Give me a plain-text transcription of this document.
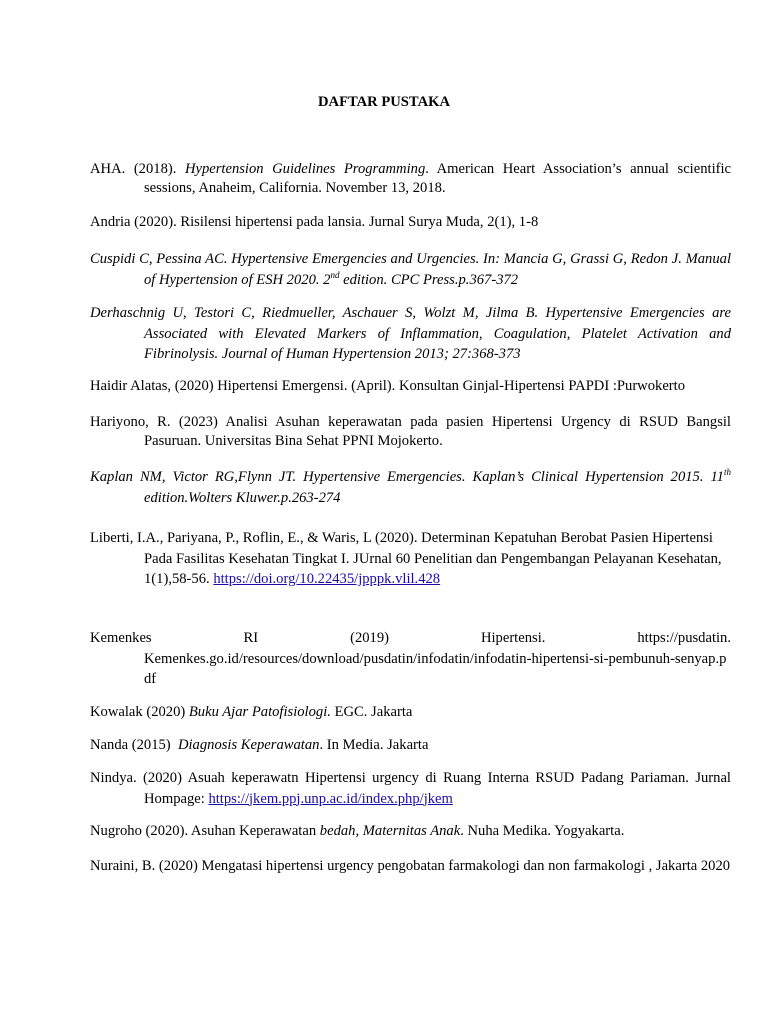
DAFTAR PUSTAKA
AHA. (2018). Hypertension Guidelines Programming. American Heart Association’s annual scientific sessions, Anaheim, California. November 13, 2018.
Andria (2020). Risilensi hipertensi pada lansia. Jurnal Surya Muda, 2(1), 1-8
Cuspidi C, Pessina AC. Hypertensive Emergencies and Urgencies. In: Mancia G, Grassi G, Redon J. Manual of Hypertension of ESH 2020. 2nd edition. CPC Press.p.367-372
Derhaschnig U, Testori C, Riedmueller, Aschauer S, Wolzt M, Jilma B. Hypertensive Emergencies are Associated with Elevated Markers of Inflammation, Coagulation, Platelet Activation and Fibrinolysis. Journal of Human Hypertension 2013; 27:368-373
Haidir Alatas, (2020) Hipertensi Emergensi. (April). Konsultan Ginjal-Hipertensi PAPDI :Purwokerto
Hariyono, R. (2023) Analisi Asuhan keperawatan pada pasien Hipertensi Urgency di RSUD Bangsil Pasuruan. Universitas Bina Sehat PPNI Mojokerto.
Kaplan NM, Victor RG,Flynn JT. Hypertensive Emergencies. Kaplan’s Clinical Hypertension 2015. 11th edition.Wolters Kluwer.p.263-274
Liberti, I.A., Pariyana, P., Roflin, E., & Waris, L (2020). Determinan Kepatuhan Berobat Pasien Hipertensi Pada Fasilitas Kesehatan Tingkat I. JUrnal 60 Penelitian dan Pengembangan Pelayanan Kesehatan, 1(1),58-56. https://doi.org/10.22435/jpppk.vlil.428
Kemenkes RI (2019) Hipertensi. https://pusdatin.
Kemenkes.go.id/resources/download/pusdatin/infodatin/infodatin-hipertensi-si-pembunuh-senyap.pdf
Kowalak (2020) Buku Ajar Patofisiologi. EGC. Jakarta
Nanda (2015)  Diagnosis Keperawatan. In Media. Jakarta
Nindya. (2020) Asuah keperawatn Hipertensi urgency di Ruang Interna RSUD Padang Pariaman. Jurnal Hompage: https://jkem.ppj.unp.ac.id/index.php/jkem
Nugroho (2020). Asuhan Keperawatan bedah, Maternitas Anak. Nuha Medika. Yogyakarta.
Nuraini, B. (2020) Mengatasi hipertensi urgency pengobatan farmakologi dan non farmakologi , Jakarta 2020
